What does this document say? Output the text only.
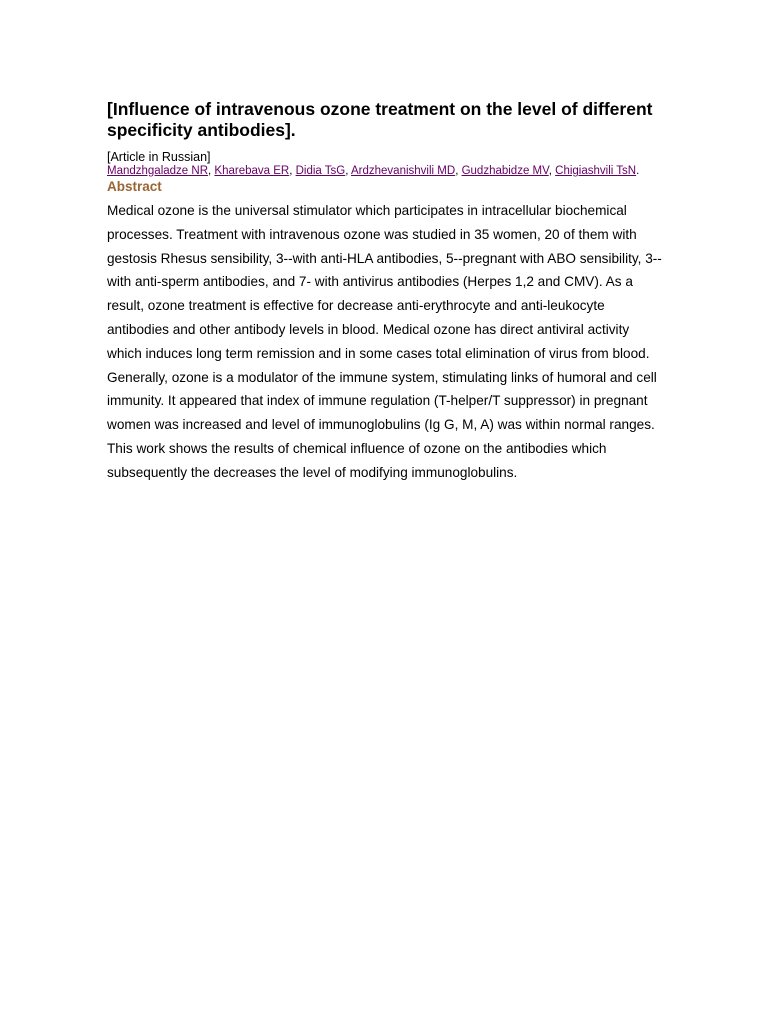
[Influence of intravenous ozone treatment on the level of different specificity antibodies].
[Article in Russian]
Mandzhgaladze NR, Kharebava ER, Didia TsG, Ardzhevanishvili MD, Gudzhabidze MV, Chigiashvili TsN.
Abstract
Medical ozone is the universal stimulator which participates in intracellular biochemical processes. Treatment with intravenous ozone was studied in 35 women, 20 of them with gestosis Rhesus sensibility, 3--with anti-HLA antibodies, 5--pregnant with ABO sensibility, 3--with anti-sperm antibodies, and 7- with antivirus antibodies (Herpes 1,2 and CMV). As a result, ozone treatment is effective for decrease anti-erythrocyte and anti-leukocyte antibodies and other antibody levels in blood. Medical ozone has direct antiviral activity which induces long term remission and in some cases total elimination of virus from blood. Generally, ozone is a modulator of the immune system, stimulating links of humoral and cell immunity. It appeared that index of immune regulation (T-helper/T suppressor) in pregnant women was increased and level of immunoglobulins (Ig G, M, A) was within normal ranges. This work shows the results of chemical influence of ozone on the antibodies which subsequently the decreases the level of modifying immunoglobulins.
